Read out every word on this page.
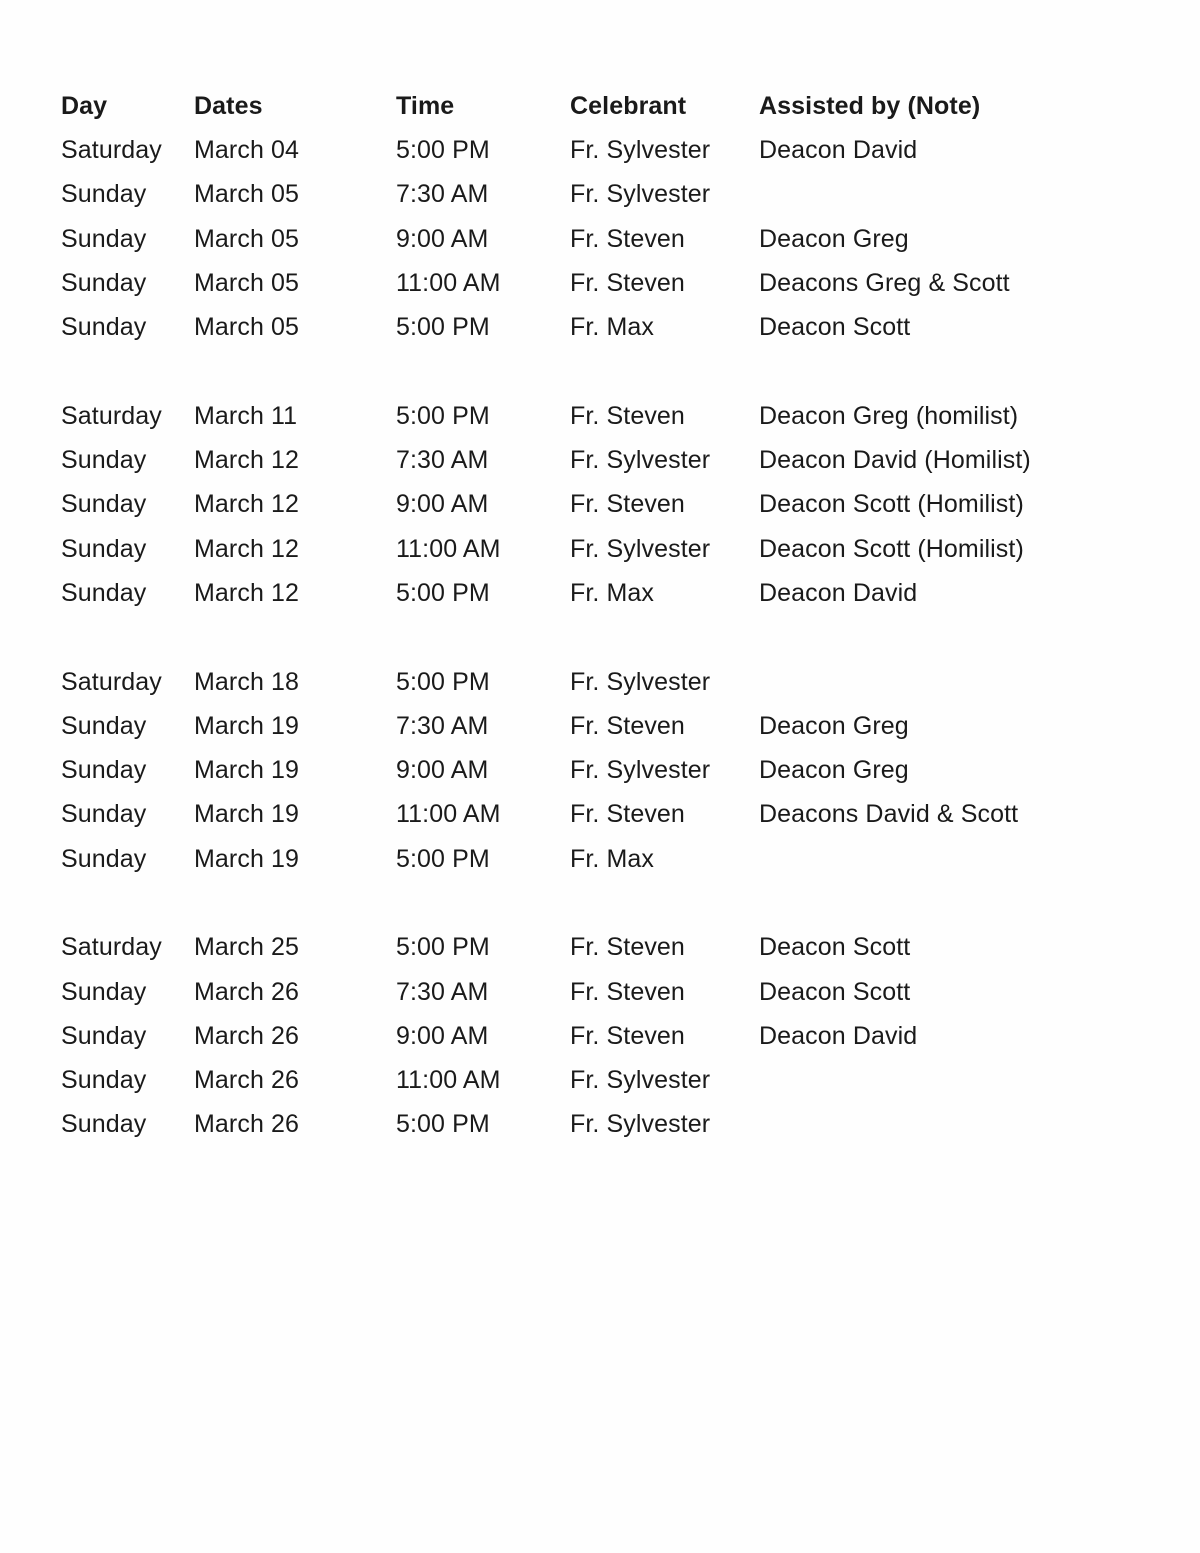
Day	Dates	Time	Celebrant	Assisted by (Note)
Saturday	March 04	5:00 PM	Fr. Sylvester	Deacon David
Sunday	March 05	7:30 AM	Fr. Sylvester
Sunday	March 05	9:00 AM	Fr. Steven	Deacon Greg
Sunday	March 05	11:00 AM	Fr. Steven	Deacons Greg & Scott
Sunday	March 05	5:00 PM	Fr. Max	Deacon Scott
Saturday	March 11	5:00 PM	Fr. Steven	Deacon Greg (homilist)
Sunday	March 12	7:30 AM	Fr. Sylvester	Deacon David (Homilist)
Sunday	March 12	9:00 AM	Fr. Steven	Deacon Scott (Homilist)
Sunday	March 12	11:00 AM	Fr. Sylvester	Deacon Scott (Homilist)
Sunday	March 12	5:00 PM	Fr. Max	Deacon David
Saturday	March 18	5:00 PM	Fr. Sylvester
Sunday	March 19	7:30 AM	Fr. Steven	Deacon Greg
Sunday	March 19	9:00 AM	Fr. Sylvester	Deacon Greg
Sunday	March 19	11:00 AM	Fr. Steven	Deacons David & Scott
Sunday	March 19	5:00 PM	Fr. Max
Saturday	March 25	5:00 PM	Fr. Steven	Deacon Scott
Sunday	March 26	7:30 AM	Fr. Steven	Deacon Scott
Sunday	March 26	9:00 AM	Fr. Steven	Deacon David
Sunday	March 26	11:00 AM	Fr. Sylvester
Sunday	March 26	5:00 PM	Fr. Sylvester
